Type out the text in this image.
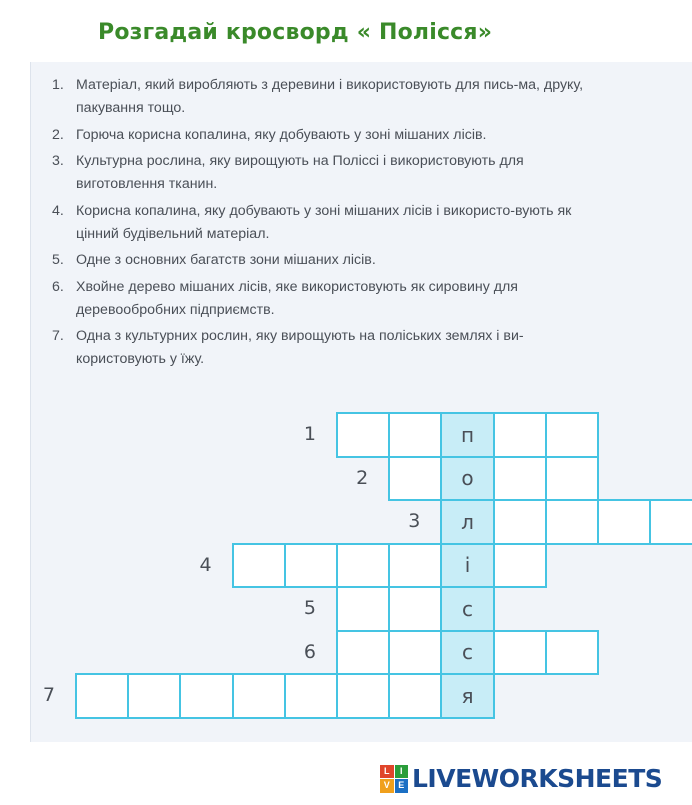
Розгадай кросворд « Полісся»
1. Матеріал, який виробляють з деревини і використовують для пись-ма, друку, пакування тощо.
2. Горюча корисна копалина, яку добувають у зоні мішаних лісів.
3. Культурна рослина, яку вирощують на Поліссі і використовують для виготовлення тканин.
4. Корисна копалина, яку добувають у зоні мішаних лісів і використо-вують як цінний будівельний матеріал.
5. Одне з основних багатств зони мішаних лісів.
6. Хвойне дерево мішаних лісів, яке використовують як сировину для деревообробних підприємств.
7. Одна з культурних рослин, яку вирощують на поліських землях і ви-користовують у їжу.
1	п
2	о
3	л
4	і
5	с
6	с
7	я
L	I
V E LIVEWORKSHEETS
